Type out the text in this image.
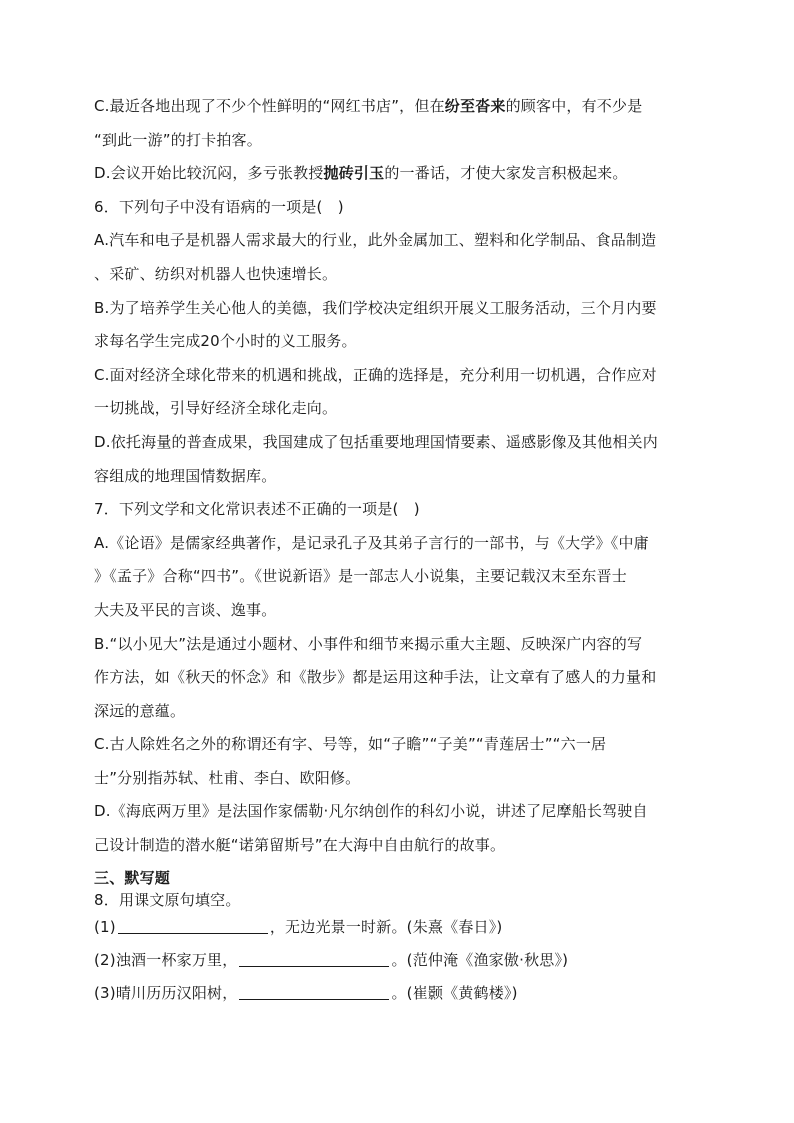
C.最近各地出现了不少个性鲜明的“网红书店”，但在纷至沓来的顾客中，有不少是
“到此一游”的打卡拍客。
D.会议开始比较沉闷，多亏张教授抛砖引玉的一番话，才使大家发言积极起来。
6．下列句子中没有语病的一项是(　)
A.汽车和电子是机器人需求最大的行业，此外金属加工、塑料和化学制品、食品制造
、采矿、纺织对机器人也快速增长。
B.为了培养学生关心他人的美德，我们学校决定组织开展义工服务活动，三个月内要
求每名学生完成20个小时的义工服务。
C.面对经济全球化带来的机遇和挑战，正确的选择是，充分利用一切机遇，合作应对
一切挑战，引导好经济全球化走向。
D.依托海量的普查成果，我国建成了包括重要地理国情要素、遥感影像及其他相关内
容组成的地理国情数据库。
7．下列文学和文化常识表述不正确的一项是(　)
A.《论语》是儒家经典著作，是记录孔子及其弟子言行的一部书，与《大学》《中庸
》《孟子》合称“四书”。《世说新语》是一部志人小说集，主要记载汉末至东晋士
大夫及平民的言谈、逸事。
B.“以小见大”法是通过小题材、小事件和细节来揭示重大主题、反映深广内容的写
作方法，如《秋天的怀念》和《散步》都是运用这种手法，让文章有了感人的力量和
深远的意蕴。
C.古人除姓名之外的称谓还有字、号等，如“子瞻”“子美”“青莲居士”“六一居
士”分别指苏轼、杜甫、李白、欧阳修。
D.《海底两万里》是法国作家儒勒·凡尔纳创作的科幻小说，讲述了尼摩船长驾驶自
己设计制造的潜水艇“诺第留斯号”在大海中自由航行的故事。
三、默写题
8．用课文原句填空。
(1)	，无边光景一时新。(朱熹《春日》)
(2)浊酒一杯家万里，	。(范仲淹《渔家傲·秋思》)
(3)晴川历历汉阳树，	。(崔颢《黄鹤楼》)
